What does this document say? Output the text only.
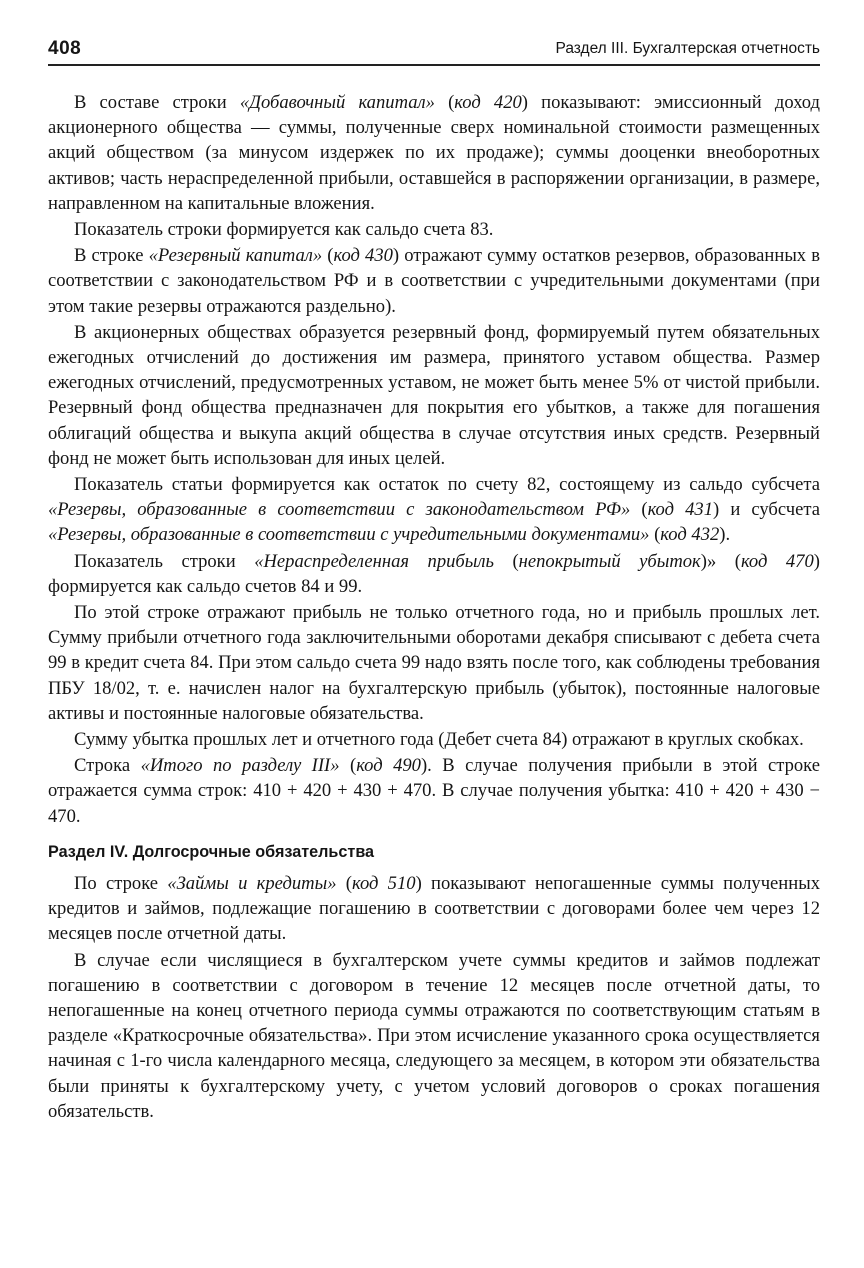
408	Раздел III. Бухгалтерская отчетность

В составе строки «Добавочный капитал» (код 420) показывают: эмиссионный доход акционерного общества — суммы, полученные сверх номинальной стоимости размещенных акций обществом (за минусом издержек по их продаже); суммы дооценки внеоборотных активов; часть нераспределенной прибыли, оставшейся в распоряжении организации, в размере, направленном на капитальные вложения.

Показатель строки формируется как сальдо счета 83.

В строке «Резервный капитал» (код 430) отражают сумму остатков резервов, образованных в соответствии с законодательством РФ и в соответствии с учредительными документами (при этом такие резервы отражаются раздельно).

В акционерных обществах образуется резервный фонд, формируемый путем обязательных ежегодных отчислений до достижения им размера, принятого уставом общества. Размер ежегодных отчислений, предусмотренных уставом, не может быть менее 5% от чистой прибыли. Резервный фонд общества предназначен для покрытия его убытков, а также для погашения облигаций общества и выкупа акций общества в случае отсутствия иных средств. Резервный фонд не может быть использован для иных целей.

Показатель статьи формируется как остаток по счету 82, состоящему из сальдо субсчета «Резервы, образованные в соответствии с законодательством РФ» (код 431) и субсчета «Резервы, образованные в соответствии с учредительными документами» (код 432).

Показатель строки «Нераспределенная прибыль (непокрытый убыток)» (код 470) формируется как сальдо счетов 84 и 99.

По этой строке отражают прибыль не только отчетного года, но и прибыль прошлых лет. Сумму прибыли отчетного года заключительными оборотами декабря списывают с дебета счета 99 в кредит счета 84. При этом сальдо счета 99 надо взять после того, как соблюдены требования ПБУ 18/02, т. е. начислен налог на бухгалтерскую прибыль (убыток), постоянные налоговые активы и постоянные налоговые обязательства.

Сумму убытка прошлых лет и отчетного года (Дебет счета 84) отражают в круглых скобках.

Строка «Итого по разделу III» (код 490). В случае получения прибыли в этой строке отражается сумма строк: 410 + 420 + 430 + 470. В случае получения убытка: 410 + 420 + 430 − 470.

Раздел IV. Долгосрочные обязательства

По строке «Займы и кредиты» (код 510) показывают непогашенные суммы полученных кредитов и займов, подлежащие погашению в соответствии с договорами более чем через 12 месяцев после отчетной даты.

В случае если числящиеся в бухгалтерском учете суммы кредитов и займов подлежат погашению в соответствии с договором в течение 12 месяцев после отчетной даты, то непогашенные на конец отчетного периода суммы отражаются по соответствующим статьям в разделе «Краткосрочные обязательства». При этом исчисление указанного срока осуществляется начиная с 1-го числа календарного месяца, следующего за месяцем, в котором эти обязательства были приняты к бухгалтерскому учету, с учетом условий договоров о сроках погашения обязательств.
